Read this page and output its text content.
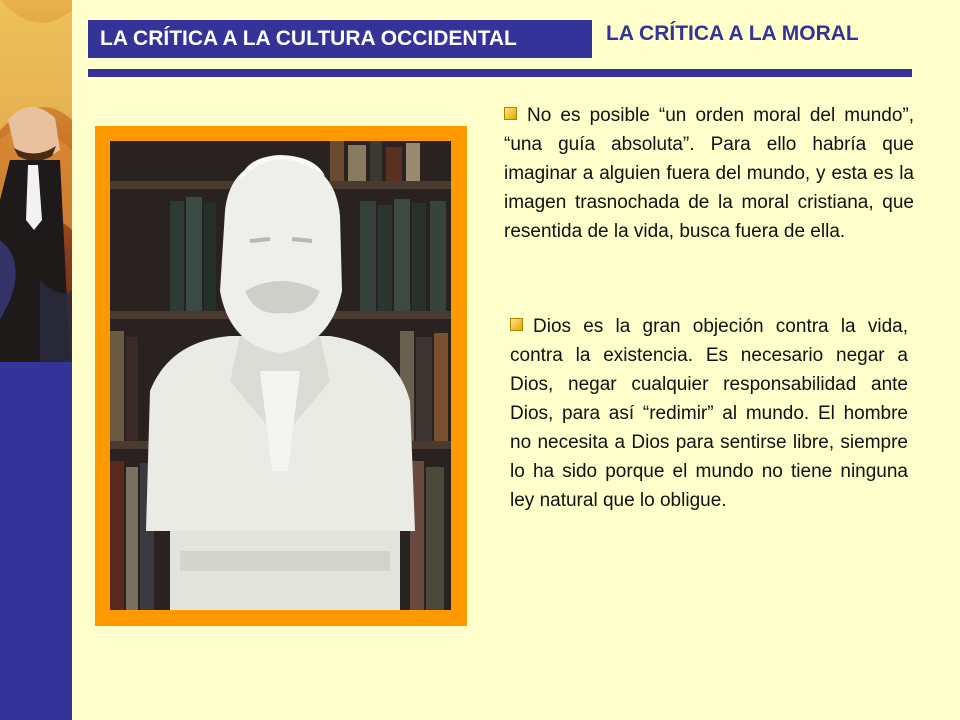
LA CRÍTICA A LA CULTURA OCCIDENTAL	LA CRÍTICA A LA MORAL
No es posible “un orden moral del mundo”, “una guía absoluta”. Para ello habría que imaginar a alguien fuera del mundo, y esta es la imagen trasnochada de la moral cristiana, que resentida de la vida, busca fuera de ella.
Dios es la gran objeción contra la vida, contra la existencia. Es necesario negar a Dios, negar cualquier responsabilidad ante Dios, para así “redimir” al mundo. El hombre no necesita a Dios para sentirse libre, siempre lo ha sido porque el mundo no tiene ninguna ley natural que lo obligue.
